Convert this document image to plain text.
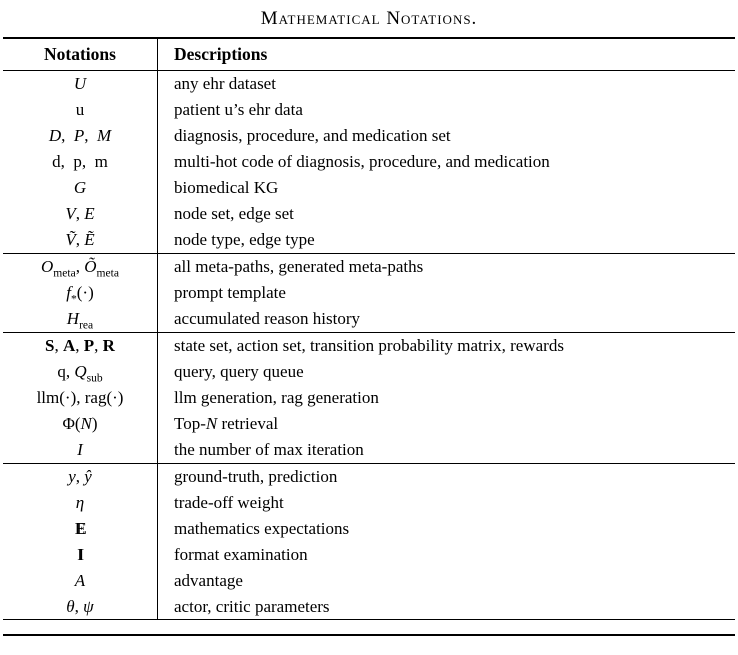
Mathematical Notations.
Notations	Descriptions
U	any ehr dataset
u	patient u’s ehr data
D,  P,  M	diagnosis, procedure, and medication set
d,  p,  m	multi-hot code of diagnosis, procedure, and medication
G	biomedical KG
V, E	node set, edge set
Ṽ, Ẽ	node type, edge type
$O_{meta}$, $Õ_{meta}$	all meta-paths, generated meta-paths
$f_*(\cdot)$	prompt template
$H_{rea}$	accumulated reason history
S, A, P, R	state set, action set, transition probability matrix, rewards
q, $Q_{sub}$	query, query queue
llm(·), rag(·)	llm generation, rag generation
Φ(N)	Top-N retrieval
I	the number of max iteration
y, ŷ	ground-truth, prediction
η	trade-off weight
E E	mathematics expectations
I I	format examination
A	advantage
θ, ψ	actor, critic parameters
